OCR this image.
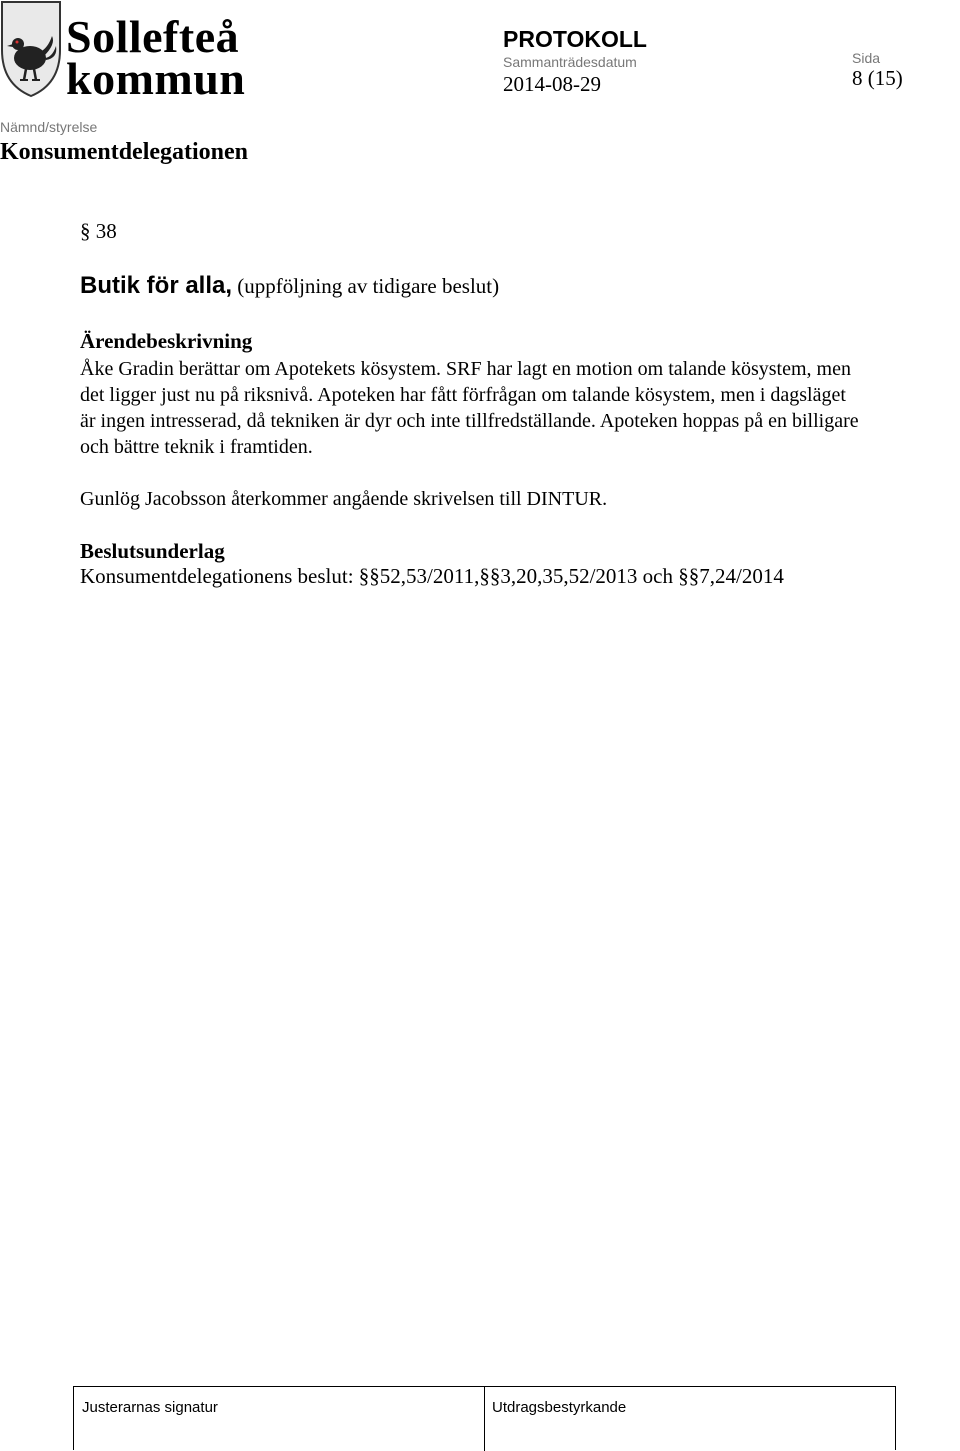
Sollefteå
kommun
PROTOKOLL
Sammanträdesdatum
2014-08-29
Sida
8 (15)
Nämnd/styrelse
Konsumentdelegationen
§ 38
Butik för alla, (uppföljning av tidigare beslut)
Ärendebeskrivning
Åke Gradin berättar om Apotekets kösystem. SRF har lagt en motion om talande kösystem, men
det ligger just nu på riksnivå. Apoteken har fått förfrågan om talande kösystem, men i dagsläget
är ingen intresserad, då tekniken är dyr och inte tillfredställande. Apoteken hoppas på en billigare
och bättre teknik i framtiden.
Gunlög Jacobsson återkommer angående skrivelsen till DINTUR.
Beslutsunderlag
Konsumentdelegationens beslut: §§52,53/2011,§§3,20,35,52/2013 och §§7,24/2014
Justerarnas signatur	Utdragsbestyrkande
